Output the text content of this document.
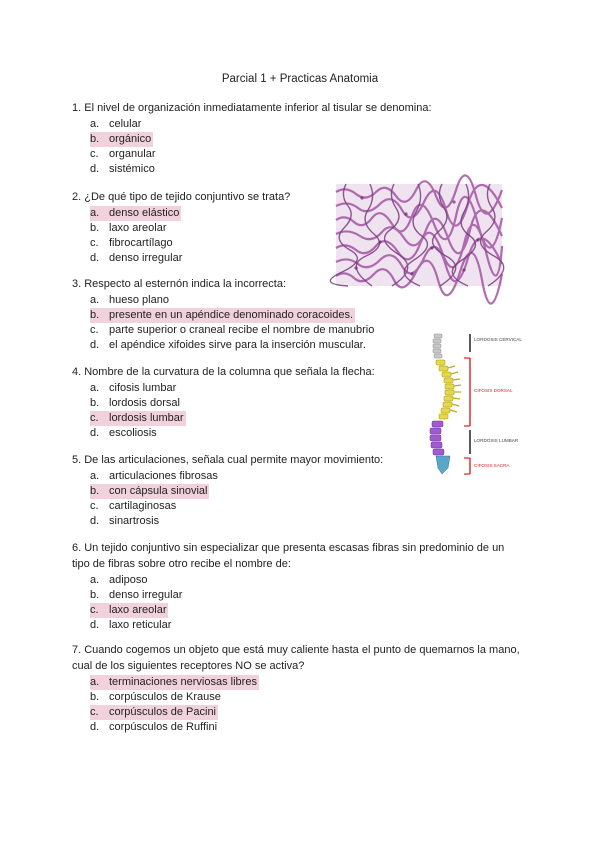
Parcial 1 + Practicas Anatomia
1. El nivel de organización inmediatamente inferior al tisular se denomina:
a. celular
b. orgánico
c. organular
d. sistémico
2. ¿De qué tipo de tejido conjuntivo se trata?
a. denso elástico
b. laxo areolar
c. fibrocartílago
d. denso irregular
3. Respecto al esternón indica la incorrecta:
a. hueso plano
b. presente en un apéndice denominado coracoides.
c. parte superior o craneal recibe el nombre de manubrio
d. el apéndice xifoides sirve para la inserción muscular.
4. Nombre de la curvatura de la columna que señala la flecha:
a. cifosis lumbar
b. lordosis dorsal
c. lordosis lumbar
d. escoliosis
5. De las articulaciones, señala cual permite mayor movimiento:
a. articulaciones fibrosas
b. con cápsula sinovial
c. cartilaginosas
d. sinartrosis
6. Un tejido conjuntivo sin especializar que presenta escasas fibras sin predominio de un
tipo de fibras sobre otro recibe el nombre de:
a. adiposo
b. denso irregular
c. laxo areolar
d. laxo reticular
7. Cuando cogemos un objeto que está muy caliente hasta el punto de quemarnos la mano,
cual de los siguientes receptores NO se activa?
a. terminaciones nerviosas libres
b. corpúsculos de Krause
c. corpúsculos de Pacini
d. corpúsculos de Ruffini
LORDOSIS CERVICAL
CIFOSIS DORSAL
LORDOSIS LUMBAR
CIFOSIS SACRA
